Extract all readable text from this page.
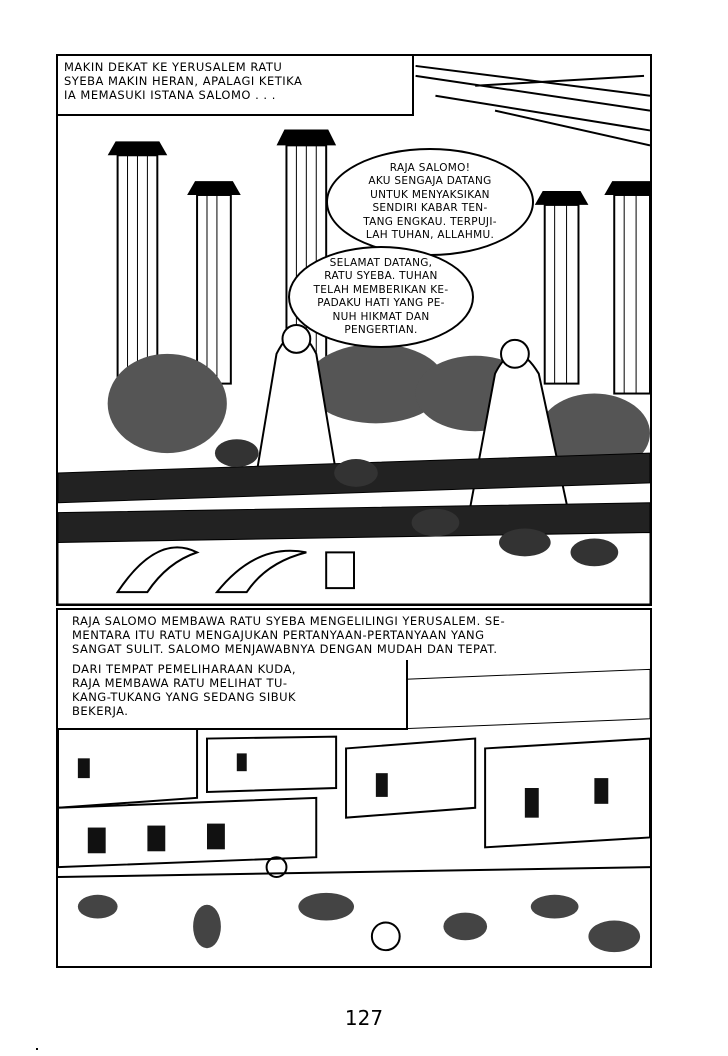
MAKIN DEKAT KE YERUSALEM RATU
SYEBA MAKIN HERAN, APALAGI KETIKA
IA MEMASUKI ISTANA SALOMO . . .
RAJA SALOMO!
AKU SENGAJA DATANG
UNTUK MENYAKSIKAN
SENDIRI KABAR TEN-
TANG ENGKAU. TERPUJI-
LAH TUHAN, ALLAHMU.
SELAMAT DATANG,
RATU SYEBA. TUHAN
TELAH MEMBERIKAN KE-
PADAKU HATI YANG PE-
NUH HIKMAT DAN
PENGERTIAN.
RAJA SALOMO MEMBAWA RATU SYEBA MENGELILINGI YERUSALEM. SE-
MENTARA ITU RATU MENGAJUKAN PERTANYAAN-PERTANYAAN YANG
SANGAT SULIT. SALOMO MENJAWABNYA DENGAN MUDAH DAN TEPAT.
DARI TEMPAT PEMELIHARAAN KUDA,
RAJA MEMBAWA RATU MELIHAT TU-
KANG-TUKANG YANG SEDANG SIBUK
BEKERJA.
127
